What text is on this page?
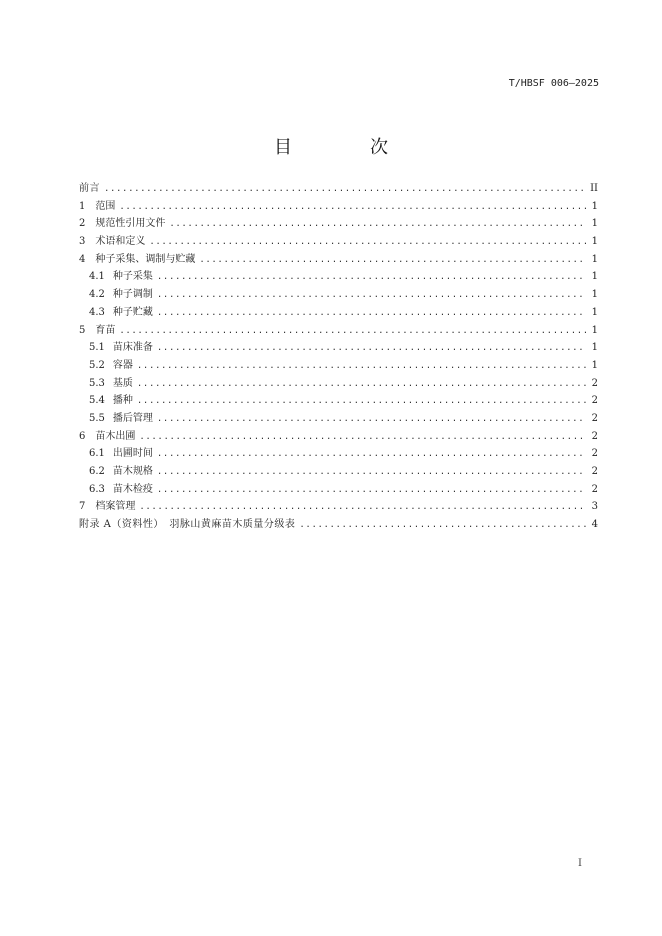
T/HBSF 006—2025
目　次
前言 .....	II
1 范围 .....	1
2 规范性引用文件 .....	1
3 术语和定义 .....	1
4 种子采集、调制与贮藏 .....	1
4.1 种子采集 .....	1
4.2 种子调制 .....	1
4.3 种子贮藏 .....	1
5 育苗 .....	1
5.1 苗床准备 .....	1
5.2 容器 .....	1
5.3 基质 .....	2
5.4 播种 .....	2
5.5 播后管理 .....	2
6 苗木出圃 .....	2
6.1 出圃时间 .....	2
6.2 苗木规格 .....	2
6.3 苗木检疫 .....	2
7 档案管理 .....	3
附录 A（资料性）　羽脉山黄麻苗木质量分级表 .....	4
I
